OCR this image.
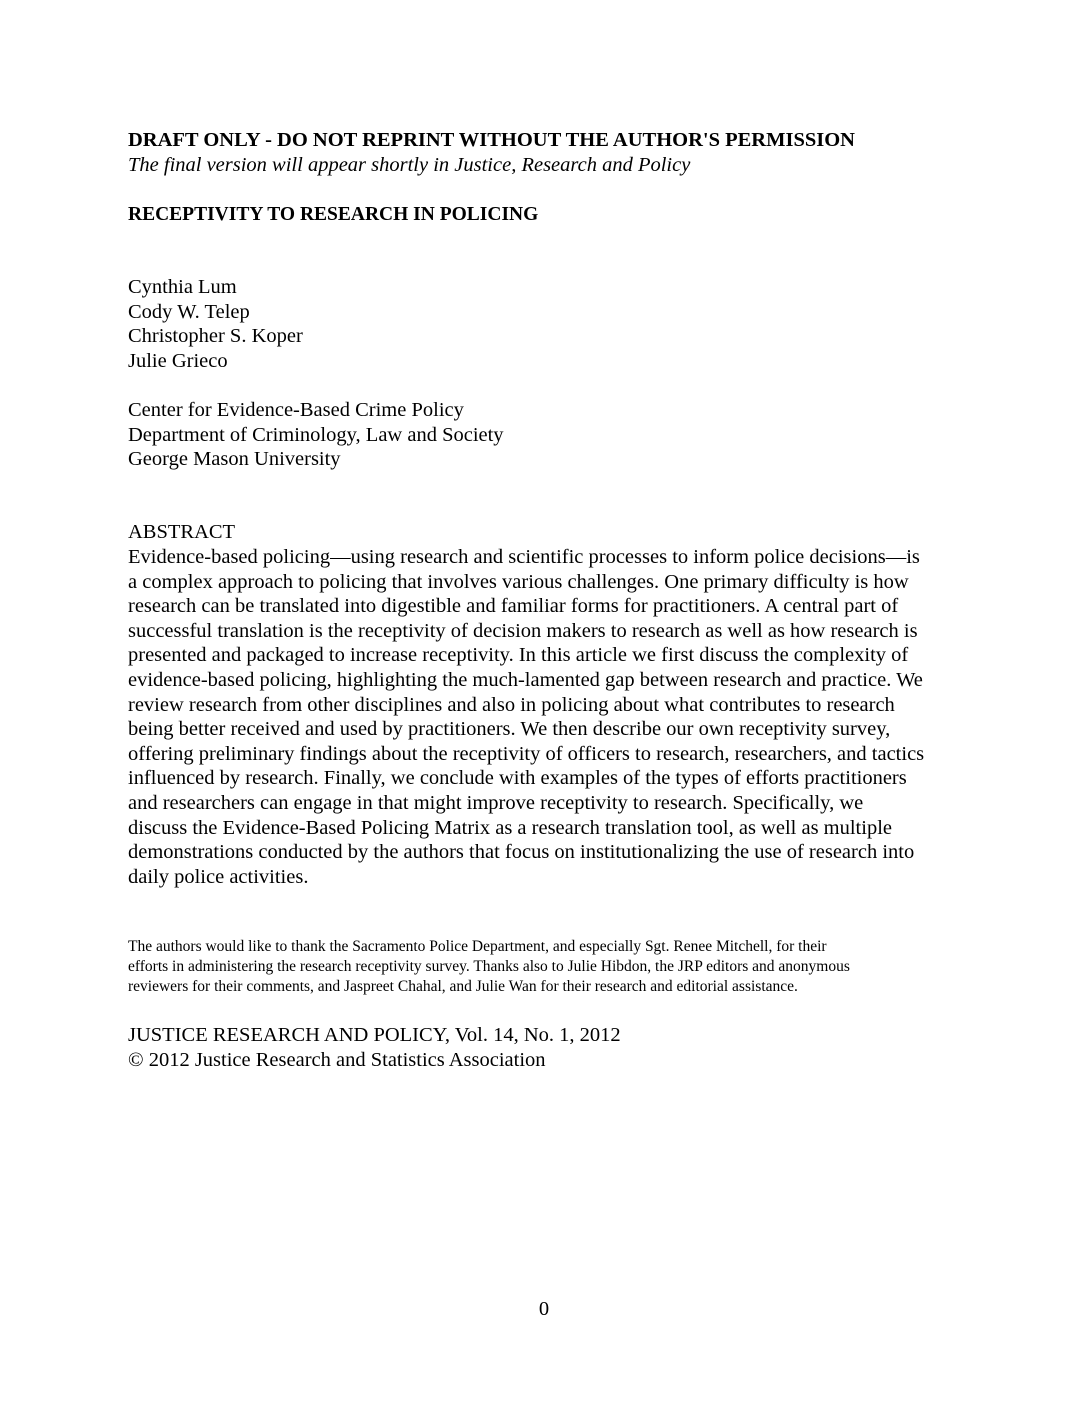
DRAFT ONLY - DO NOT REPRINT WITHOUT THE AUTHOR'S PERMISSION
The final version will appear shortly in Justice, Research and Policy
RECEPTIVITY TO RESEARCH IN POLICING
Cynthia Lum
Cody W. Telep
Christopher S. Koper
Julie Grieco
Center for Evidence-Based Crime Policy
Department of Criminology, Law and Society
George Mason University
ABSTRACT
Evidence-based policing—using research and scientific processes to inform police decisions—is
a complex approach to policing that involves various challenges. One primary difficulty is how
research can be translated into digestible and familiar forms for practitioners. A central part of
successful translation is the receptivity of decision makers to research as well as how research is
presented and packaged to increase receptivity. In this article we first discuss the complexity of
evidence-based policing, highlighting the much-lamented gap between research and practice. We
review research from other disciplines and also in policing about what contributes to research
being better received and used by practitioners. We then describe our own receptivity survey,
offering preliminary findings about the receptivity of officers to research, researchers, and tactics
influenced by research. Finally, we conclude with examples of the types of efforts practitioners
and researchers can engage in that might improve receptivity to research. Specifically, we
discuss the Evidence-Based Policing Matrix as a research translation tool, as well as multiple
demonstrations conducted by the authors that focus on institutionalizing the use of research into
daily police activities.
The authors would like to thank the Sacramento Police Department, and especially Sgt. Renee Mitchell, for their
efforts in administering the research receptivity survey. Thanks also to Julie Hibdon, the JRP editors and anonymous
reviewers for their comments, and Jaspreet Chahal, and Julie Wan for their research and editorial assistance.
JUSTICE RESEARCH AND POLICY, Vol. 14, No. 1, 2012
© 2012 Justice Research and Statistics Association
0
